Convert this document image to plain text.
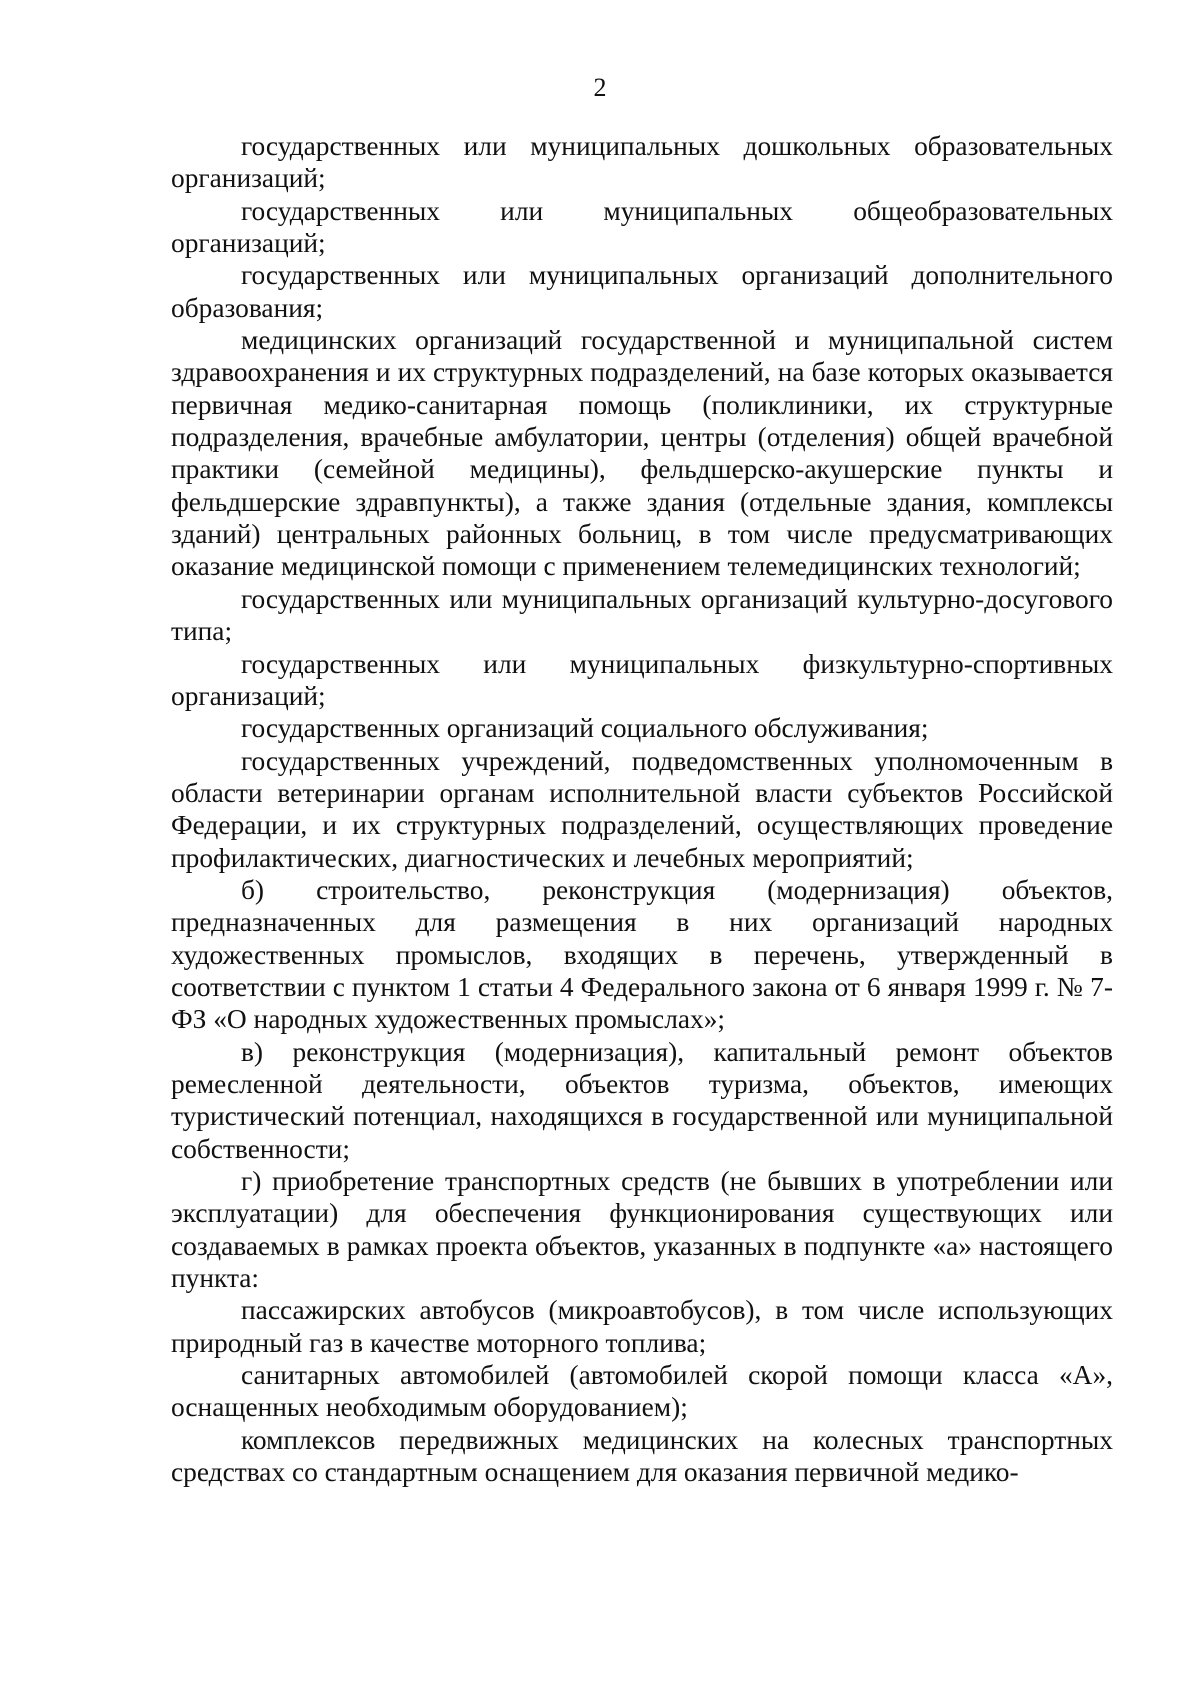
2

государственных или муниципальных дошкольных образовательных организаций;

государственных или муниципальных общеобразовательных организаций;

государственных или муниципальных организаций дополнительного образования;

медицинских организаций государственной и муниципальной систем здравоохранения и их структурных подразделений, на базе которых оказывается первичная медико-санитарная помощь (поликлиники, их структурные подразделения, врачебные амбулатории, центры (отделения) общей врачебной практики (семейной медицины), фельдшерско-акушерские пункты и фельдшерские здравпункты), а также здания (отдельные здания, комплексы зданий) центральных районных больниц, в том числе предусматривающих оказание медицинской помощи с применением телемедицинских технологий;

государственных или муниципальных организаций культурно-досугового типа;

государственных или муниципальных физкультурно-спортивных организаций;

государственных организаций социального обслуживания;

государственных учреждений, подведомственных уполномоченным в области ветеринарии органам исполнительной власти субъектов Российской Федерации, и их структурных подразделений, осуществляющих проведение профилактических, диагностических и лечебных мероприятий;

б) строительство, реконструкция (модернизация) объектов, предназначенных для размещения в них организаций народных художественных промыслов, входящих в перечень, утвержденный в соответствии с пунктом 1 статьи 4 Федерального закона от 6 января 1999 г. № 7-ФЗ «О народных художественных промыслах»;

в) реконструкция (модернизация), капитальный ремонт объектов ремесленной деятельности, объектов туризма, объектов, имеющих туристический потенциал, находящихся в государственной или муниципальной собственности;

г) приобретение транспортных средств (не бывших в употреблении или эксплуатации) для обеспечения функционирования существующих или создаваемых в рамках проекта объектов, указанных в подпункте «а» настоящего пункта:

пассажирских автобусов (микроавтобусов), в том числе использующих природный газ в качестве моторного топлива;

санитарных автомобилей (автомобилей скорой помощи класса «А», оснащенных необходимым оборудованием);

комплексов передвижных медицинских на колесных транспортных средствах со стандартным оснащением для оказания первичной медико-
